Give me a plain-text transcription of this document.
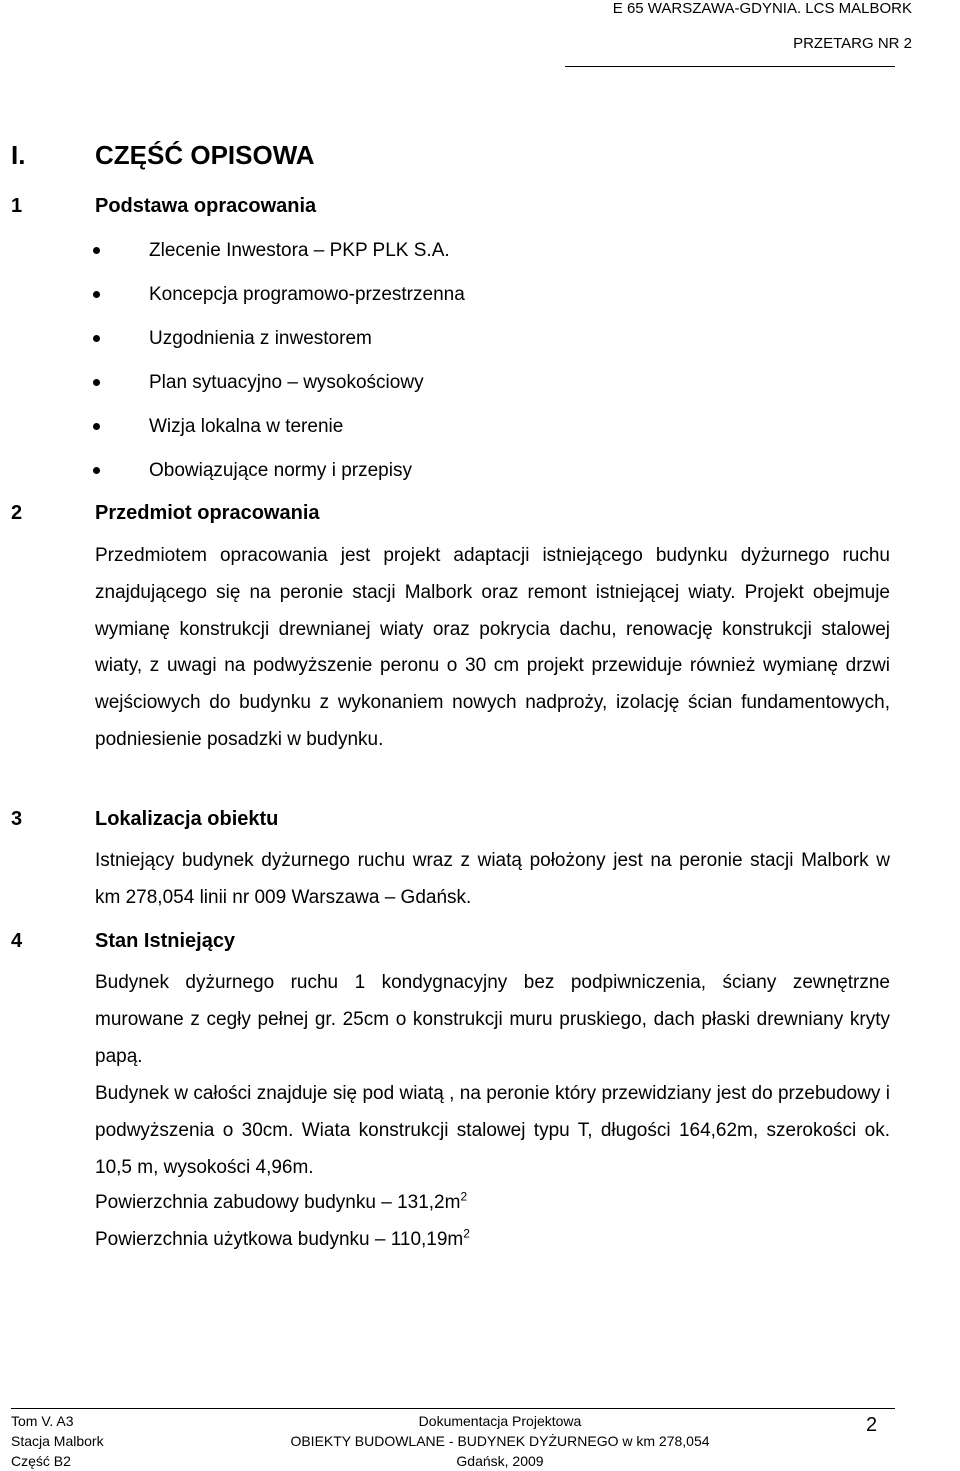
E 65 WARSZAWA-GDYNIA. LCS MALBORK
PRZETARG NR 2
I.	CZĘŚĆ OPISOWA
1	Podstawa opracowania
Zlecenie Inwestora – PKP PLK S.A.
Koncepcja programowo-przestrzenna
Uzgodnienia z inwestorem
Plan sytuacyjno – wysokościowy
Wizja lokalna w terenie
Obowiązujące normy i przepisy
2	Przedmiot opracowania
Przedmiotem opracowania jest projekt adaptacji istniejącego budynku dyżurnego ruchu znajdującego się na peronie stacji Malbork oraz remont istniejącej wiaty. Projekt obejmuje wymianę konstrukcji drewnianej wiaty oraz pokrycia dachu, renowację konstrukcji stalowej wiaty, z uwagi na podwyższenie peronu o 30 cm projekt przewiduje również wymianę drzwi wejściowych do budynku z wykonaniem nowych nadproży, izolację ścian fundamentowych, podniesienie posadzki w budynku.
3	Lokalizacja obiektu
Istniejący budynek dyżurnego ruchu wraz z wiatą położony jest na peronie stacji Malbork w km 278,054 linii nr 009 Warszawa – Gdańsk.
4	Stan Istniejący
Budynek dyżurnego ruchu 1 kondygnacyjny bez podpiwniczenia, ściany zewnętrzne murowane z cegły pełnej gr. 25cm o konstrukcji muru pruskiego, dach płaski drewniany kryty papą.
Budynek w całości znajduje się pod wiatą , na peronie który przewidziany jest do przebudowy i podwyższenia o 30cm. Wiata konstrukcji stalowej typu T, długości 164,62m, szerokości ok. 10,5 m, wysokości 4,96m.
Powierzchnia zabudowy budynku – $131,2m^2$
Powierzchnia użytkowa budynku – $110,19m^2$
Tom V. A3
Stacja Malbork
Część B2
Dokumentacja Projektowa
OBIEKTY BUDOWLANE - BUDYNEK DYŻURNEGO w km 278,054
Gdańsk, 2009
2
